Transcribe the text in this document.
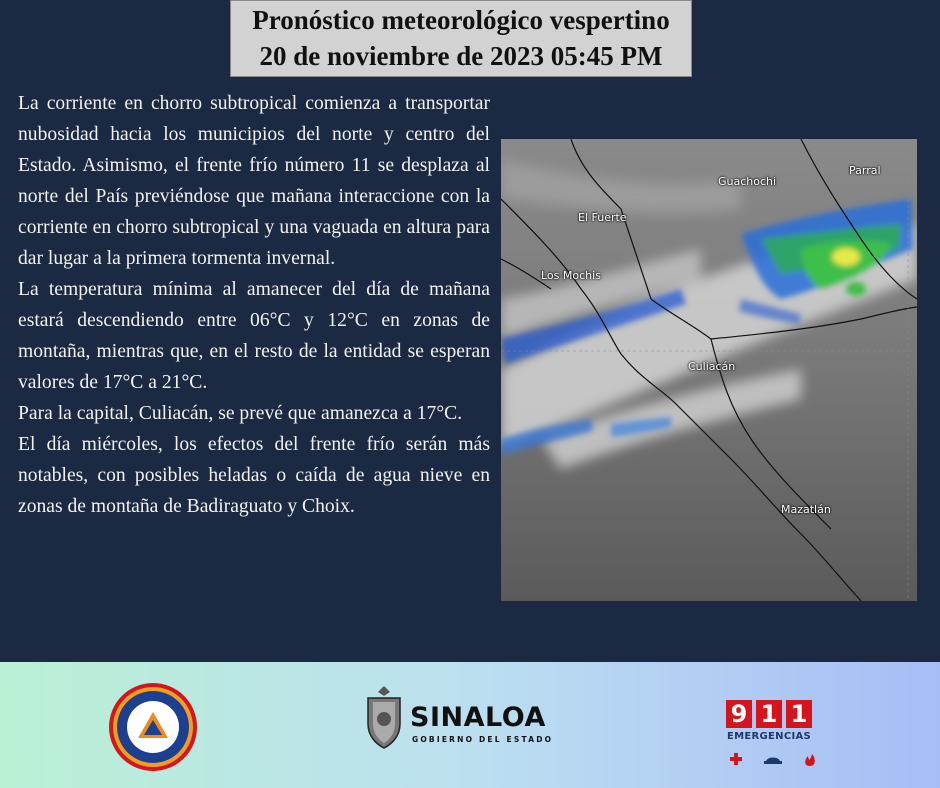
Pronóstico meteorológico vespertino
20 de noviembre de 2023 05:45 PM

La corriente en chorro subtropical comienza a transportar nubosidad hacia los municipios del norte y centro del Estado. Asimismo, el frente frío número 11 se desplaza al norte del País previéndose que mañana interaccione con la corriente en chorro subtropical y una vaguada en altura para dar lugar a la primera tormenta invernal.

La temperatura mínima al amanecer del día de mañana estará descendiendo entre 06°C y 12°C en zonas de montaña, mientras que, en el resto de la entidad se esperan valores de 17°C a 21°C.

Para la capital, Culiacán, se prevé que amanezca a 17°C.

El día miércoles, los efectos del frente frío serán más notables, con posibles heladas o caída de agua nieve en zonas de montaña de Badiraguato y Choix.

Guachochi
Parral
El Fuerte
Los Mochis
Culiacán
Mazatlán
SINALOA
GOBIERNO DEL ESTADO
9 1 1
EMERGENCIAS
